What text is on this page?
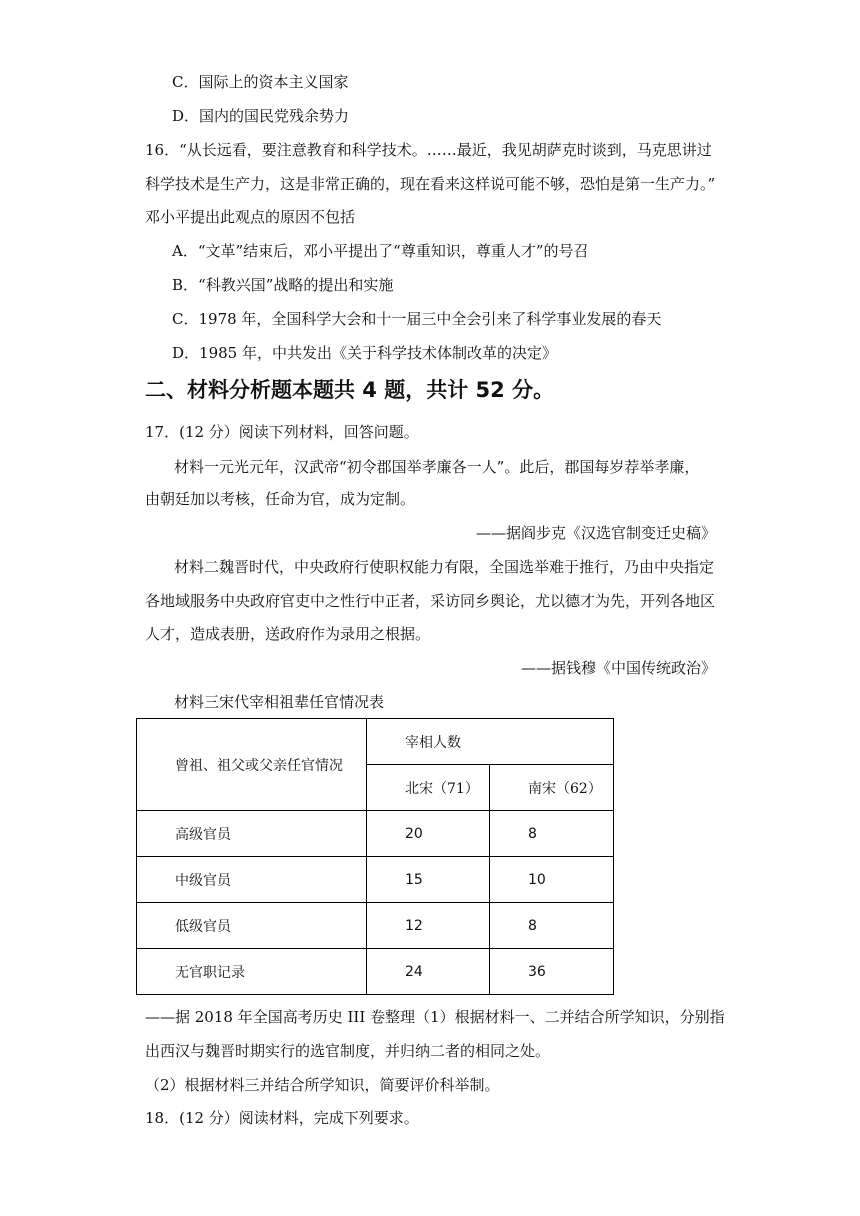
C．国际上的资本主义国家
D．国内的国民党残余势力
16．“从长远看，要注意教育和科学技术。……最近，我见胡萨克时谈到，马克思讲过
科学技术是生产力，这是非常正确的，现在看来这样说可能不够，恐怕是第一生产力。”
邓小平提出此观点的原因不包括
A．“文革”结束后，邓小平提出了“尊重知识，尊重人才”的号召
B．“科教兴国”战略的提出和实施
C．1978 年，全国科学大会和十一届三中全会引来了科学事业发展的春天
D．1985 年，中共发出《关于科学技术体制改革的决定》
二、材料分析题本题共 4 题，共计 52 分。
17．(12 分）阅读下列材料，回答问题。
材料一元光元年，汉武帝“初令郡国举孝廉各一人”。此后，郡国每岁荐举孝廉，
由朝廷加以考核，任命为官，成为定制。
——据阎步克《汉选官制变迁史稿》
材料二魏晋时代，中央政府行使职权能力有限，全国选举难于推行，乃由中央指定
各地域服务中央政府官吏中之性行中正者，采访同乡舆论，尤以德才为先，开列各地区
人才，造成表册，送政府作为录用之根据。
——据钱穆《中国传统政治》
材料三宋代宰相祖辈任官情况表
曾祖、祖父或父亲任官情况	宰相人数	
	北宋（71）	南宋（62）
高级官员	20	8
中级官员	15	10
低级官员	12	8
无官职记录	24	36
——据 2018 年全国高考历史 III 卷整理（1）根据材料一、二并结合所学知识，分别指
出西汉与魏晋时期实行的选官制度，并归纳二者的相同之处。
（2）根据材料三并结合所学知识，简要评价科举制。
18．(12 分）阅读材料，完成下列要求。
